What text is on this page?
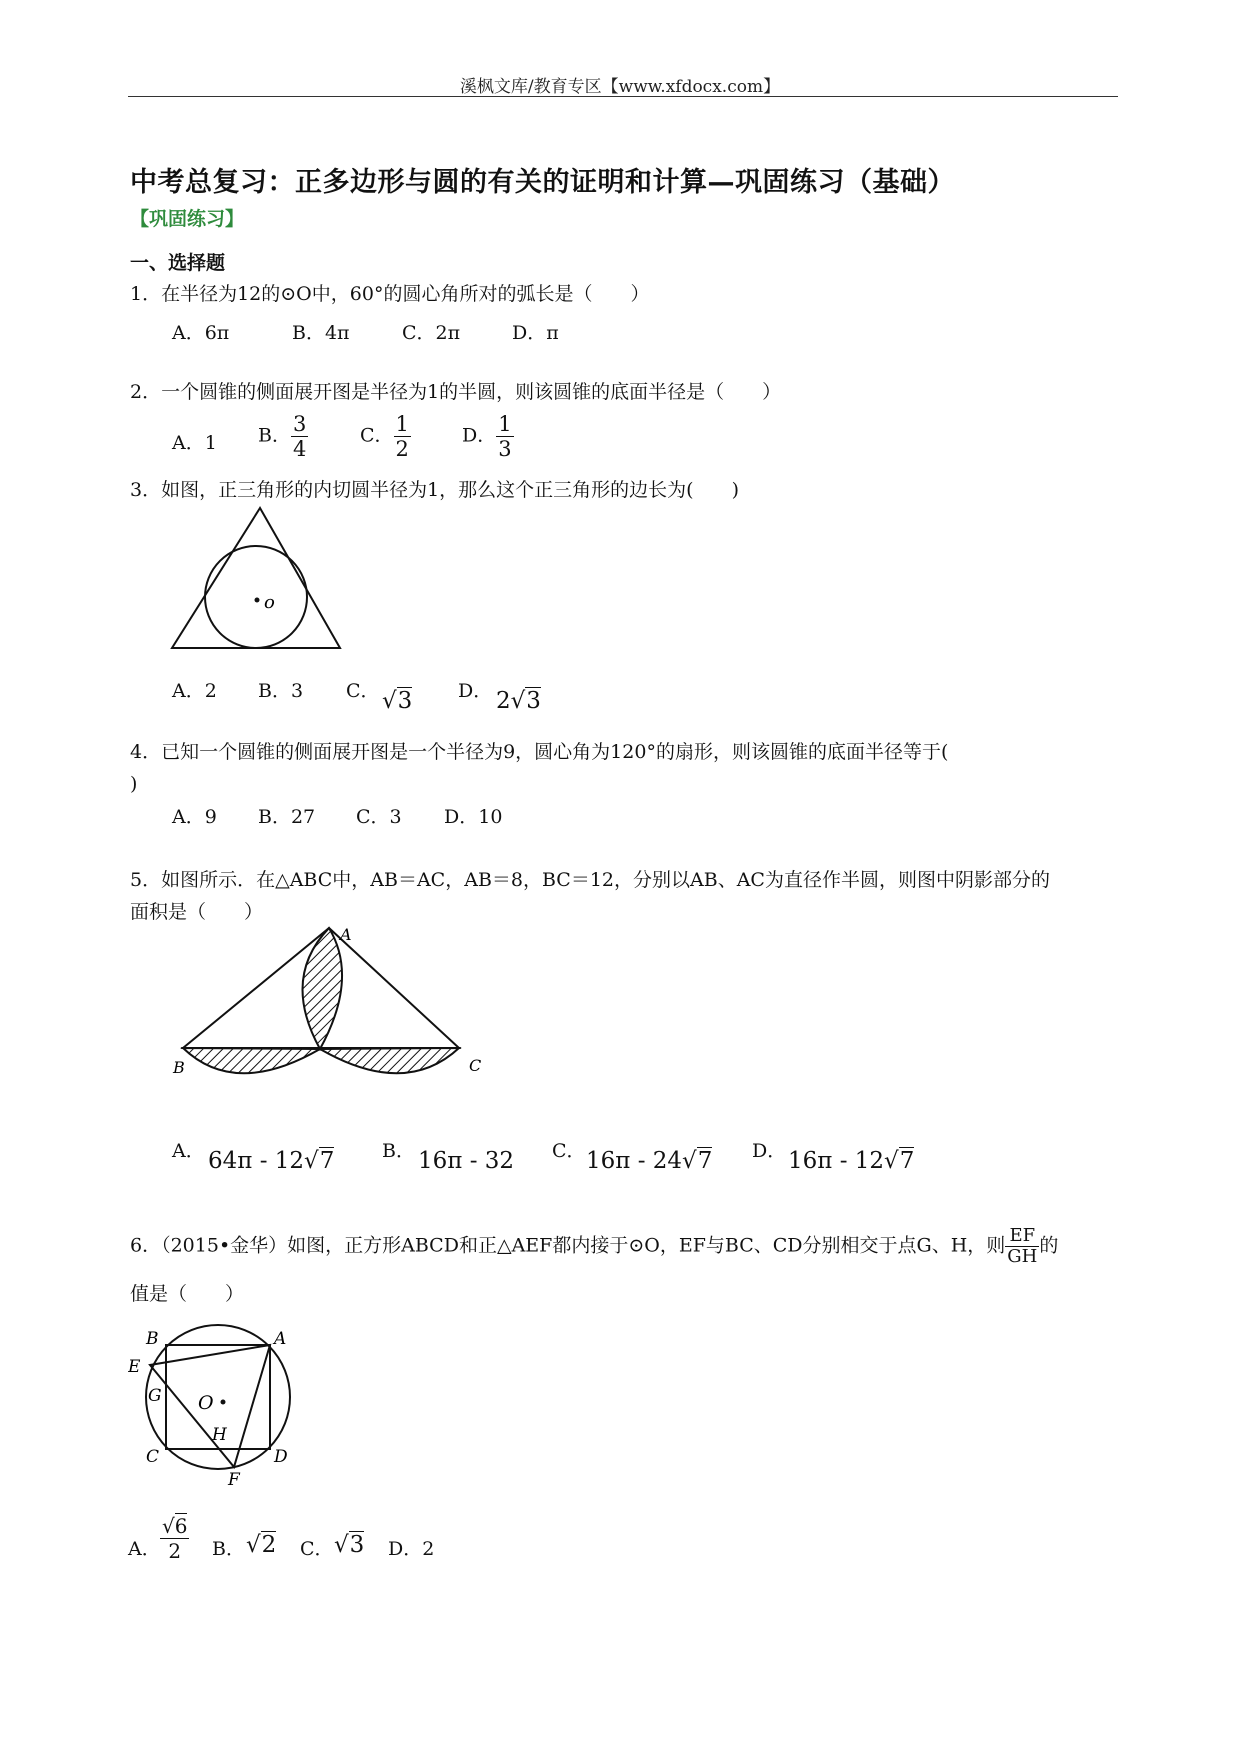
溪枫文库/教育专区【www.xfdocx.com】
中考总复习：正多边形与圆的有关的证明和计算—巩固练习（基础）
【巩固练习】
一、选择题
1．在半径为12的⊙O中，60°的圆心角所对的弧长是（　　）
A．6π	B．4π	C．2π	D．π
2．一个圆锥的侧面展开图是半径为1的半圆，则该圆锥的底面半径是（　　）
A．1 B． $\frac{3}{4}$	C． $\frac{1}{2}$	D． $\frac{1}{3}$
3．如图，正三角形的内切圆半径为1，那么这个正三角形的边长为(　　)
o
A．2 B．3 C． √3 D． 2√3
4．已知一个圆锥的侧面展开图是一个半径为9，圆心角为120°的扇形，则该圆锥的底面半径等于(
)
A．9 B．27 C．3 D．10
5．如图所示．在△ABC中，AB＝AC，AB＝8，BC＝12，分别以AB、AC为直径作半圆，则图中阴影部分的
面积是（　　）
A
B	C
A． 64π - 12√7	B． 16π - 32 C． 16π - 24√7 D． 16π - 12√7
6．（2015•金华）如图，正方形ABCD和正△AEF都内接于⊙O，EF与BC、CD分别相交于点G、H，则 $\frac{EF}{GH}$ 的
值是（　　）
A
B
C	D
E
F
G
H
O
A． $\frac{√6}{2}$ B． √2 C． √3 D．2
